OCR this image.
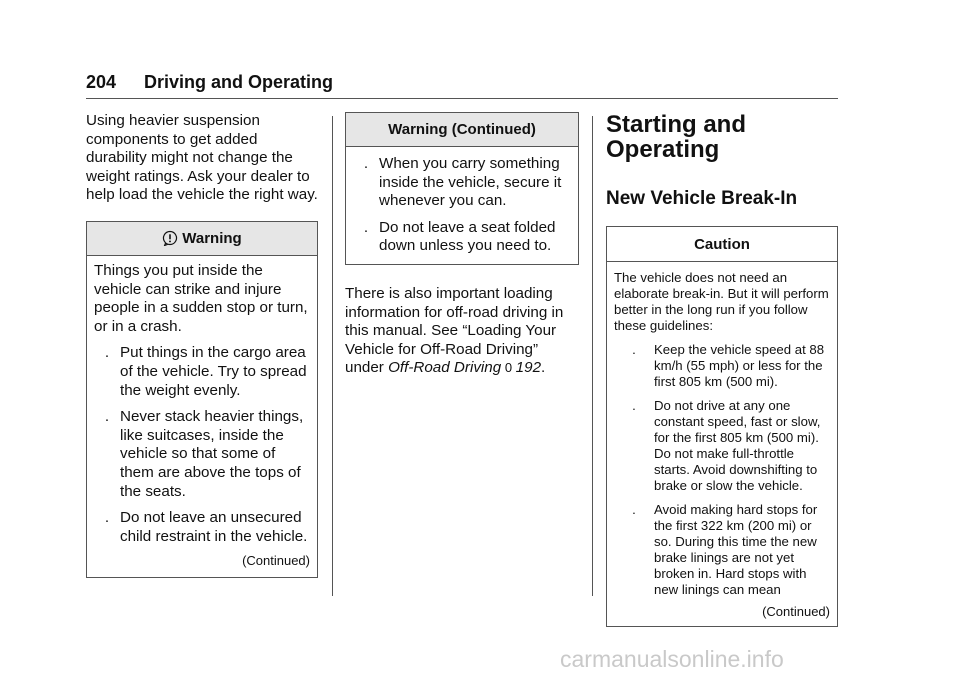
204 Driving and Operating

Using heavier suspension components to get added durability might not change the weight ratings. Ask your dealer to help load the vehicle the right way.

Warning
Things you put inside the vehicle can strike and injure people in a sudden stop or turn, or in a crash.
. Put things in the cargo area of the vehicle. Try to spread the weight evenly.
. Never stack heavier things, like suitcases, inside the vehicle so that some of them are above the tops of the seats.
. Do not leave an unsecured child restraint in the vehicle.
(Continued)
Warning (Continued)
. When you carry something inside the vehicle, secure it whenever you can.
. Do not leave a seat folded down unless you need to.

There is also important loading information for off-road driving in this manual. See “Loading Your Vehicle for Off-Road Driving” under Off-Road Driving 0 192.

Starting and Operating
New Vehicle Break-In
Caution
The vehicle does not need an elaborate break-in. But it will perform better in the long run if you follow these guidelines:
.	Keep the vehicle speed at 88 km/h (55 mph) or less for the first 805 km (500 mi).
.	Do not drive at any one constant speed, fast or slow, for the first 805 km (500 mi). Do not make full-throttle starts. Avoid downshifting to brake or slow the vehicle.
.	Avoid making hard stops for the first 322 km (200 mi) or so. During this time the new brake linings are not yet broken in. Hard stops with new linings can mean
(Continued)
carmanualsonline.info
